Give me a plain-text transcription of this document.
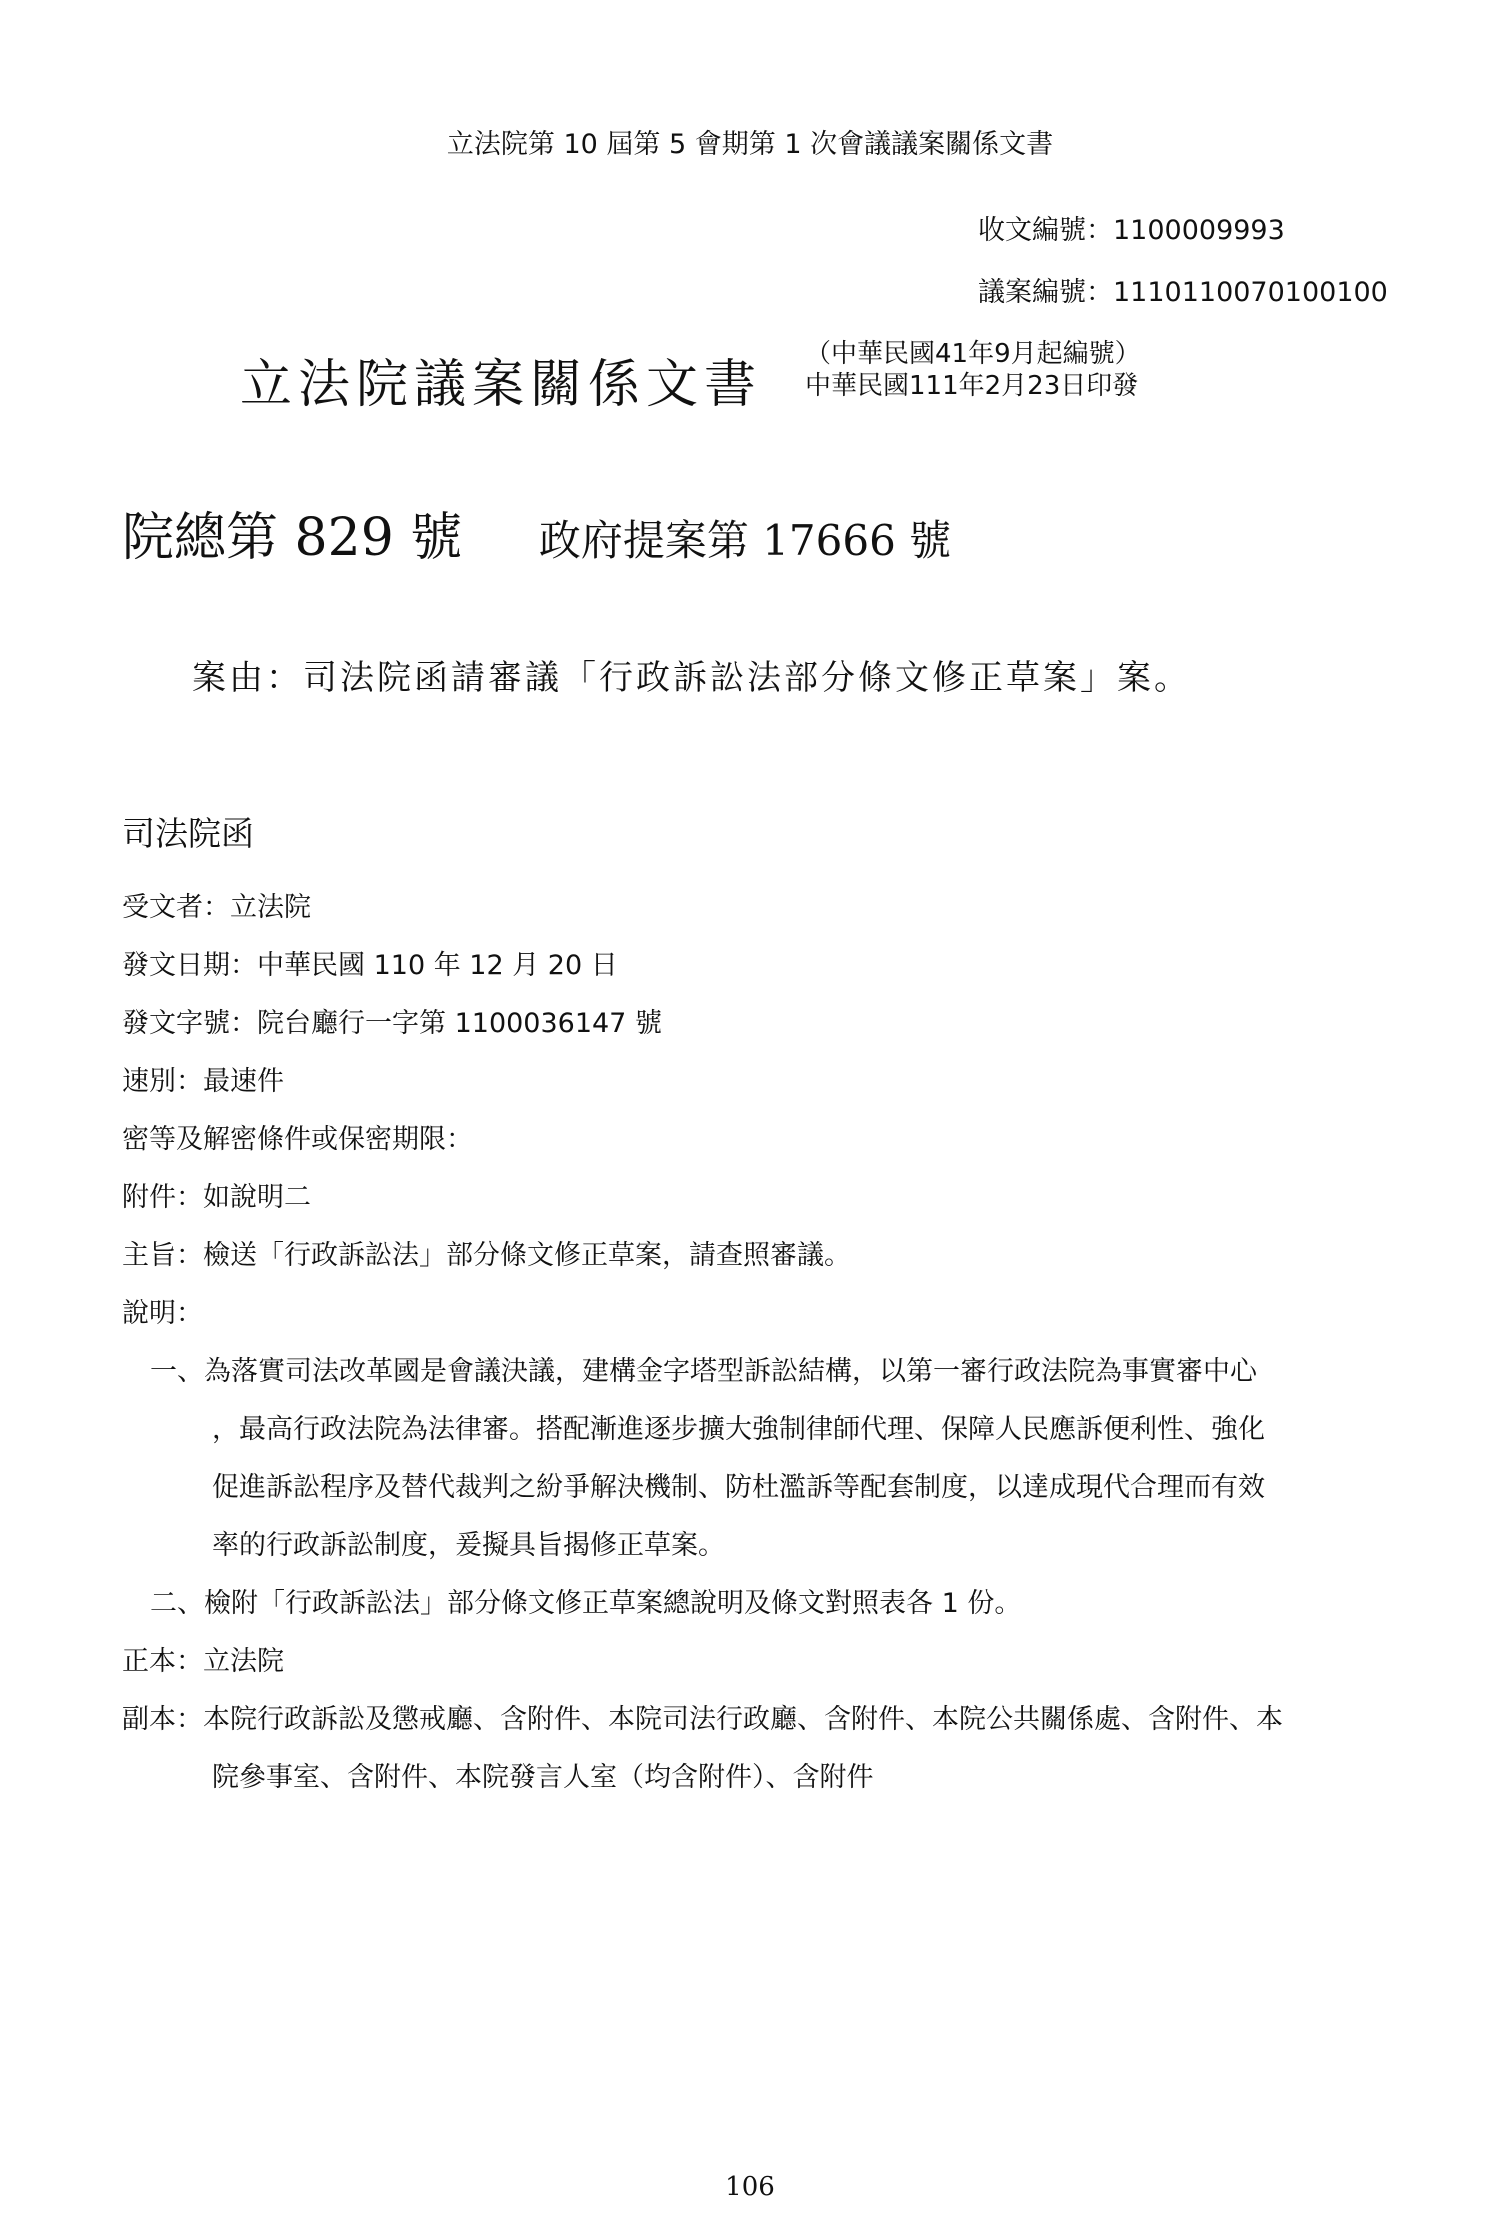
立法院第 10 屆第 5 會期第 1 次會議議案關係文書
收文編號：1100009993
議案編號：1110110070100100
立法院議案關係文書
（中華民國41年9月起編號）
中華民國111年2月23日印發
院總第 829 號 政府提案第 17666 號
案由：司法院函請審議「行政訴訟法部分條文修正草案」案。
司法院函
受文者：立法院
發文日期：中華民國 110 年 12 月 20 日
發文字號：院台廳行一字第 1100036147 號
速別：最速件
密等及解密條件或保密期限：
附件：如說明二
主旨：檢送「行政訴訟法」部分條文修正草案，請查照審議。
說明：
一、為落實司法改革國是會議決議，建構金字塔型訴訟結構，以第一審行政法院為事實審中心
，最高行政法院為法律審。搭配漸進逐步擴大強制律師代理、保障人民應訴便利性、強化
促進訴訟程序及替代裁判之紛爭解決機制、防杜濫訴等配套制度，以達成現代合理而有效
率的行政訴訟制度，爰擬具旨揭修正草案。
二、檢附「行政訴訟法」部分條文修正草案總說明及條文對照表各 1 份。
正本：立法院
副本：本院行政訴訟及懲戒廳、含附件、本院司法行政廳、含附件、本院公共關係處、含附件、本
院參事室、含附件、本院發言人室（均含附件）、含附件
106
